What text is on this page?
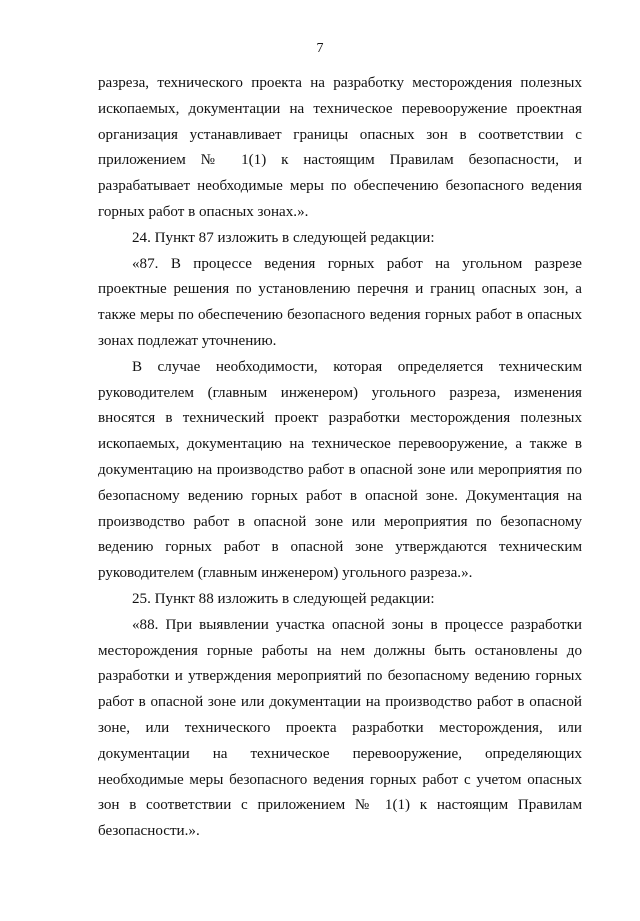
7

разреза, технического проекта на разработку месторождения полезных ископаемых, документации на техническое перевооружение проектная организация устанавливает границы опасных зон в соответствии с приложением № 1(1) к настоящим Правилам безопасности, и разрабатывает необходимые меры по обеспечению безопасного ведения горных работ в опасных зонах.».

24. Пункт 87 изложить в следующей редакции:

«87. В процессе ведения горных работ на угольном разрезе проектные решения по установлению перечня и границ опасных зон, а также меры по обеспечению безопасного ведения горных работ в опасных зонах подлежат уточнению.

В случае необходимости, которая определяется техническим руководителем (главным инженером) угольного разреза, изменения вносятся в технический проект разработки месторождения полезных ископаемых, документацию на техническое перевооружение, а также в документацию на производство работ в опасной зоне или мероприятия по безопасному ведению горных работ в опасной зоне. Документация на производство работ в опасной зоне или мероприятия по безопасному ведению горных работ в опасной зоне утверждаются техническим руководителем (главным инженером) угольного разреза.».

25. Пункт 88 изложить в следующей редакции:

«88. При выявлении участка опасной зоны в процессе разработки месторождения горные работы на нем должны быть остановлены до разработки и утверждения мероприятий по безопасному ведению горных работ в опасной зоне или документации на производство работ в опасной зоне, или технического проекта разработки месторождения, или документации на техническое перевооружение, определяющих необходимые меры безопасного ведения горных работ с учетом опасных зон в соответствии с приложением № 1(1) к настоящим Правилам безопасности.».
